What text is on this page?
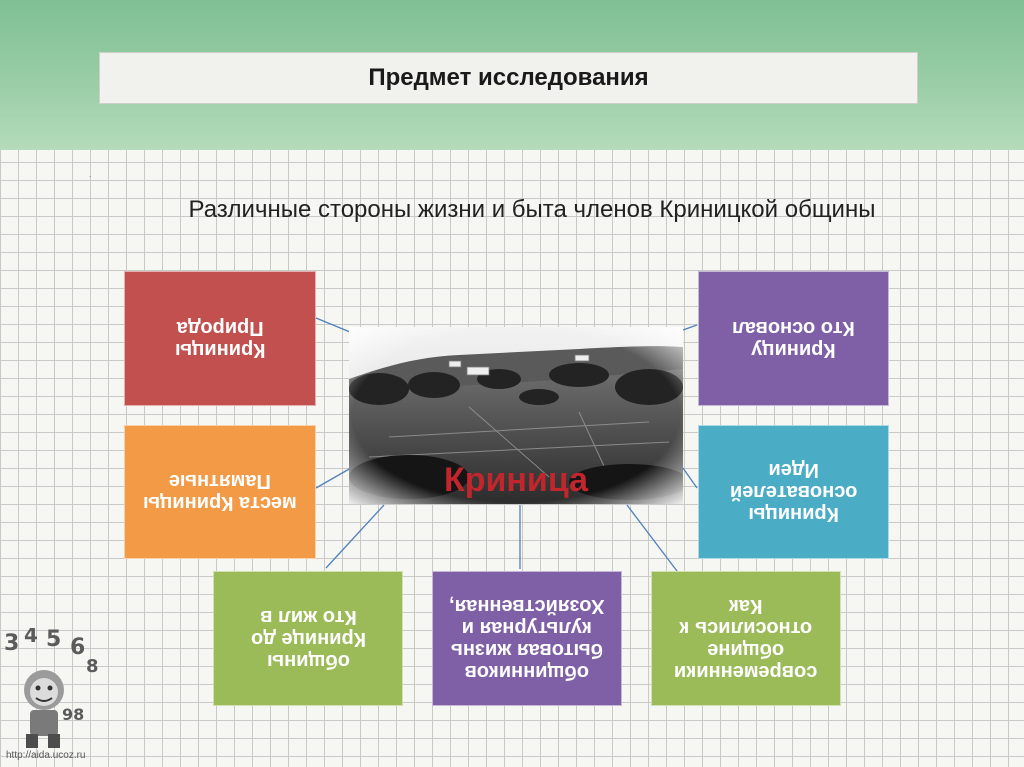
Предмет исследования
.
Различные стороны жизни и быта членов Криницкой общины
Криницы
Природа
Криницу
Кто основал
места Криницы
Памятные
Криницы
основателей
Идеи
общины
Кринице до
Кто жил в
общинников
бытовая жизнь
культурная и
Хозяйственная,
современники
общине
относились к
Как
Криница
3 4 5 6
8
98
http://aida.ucoz.ru
